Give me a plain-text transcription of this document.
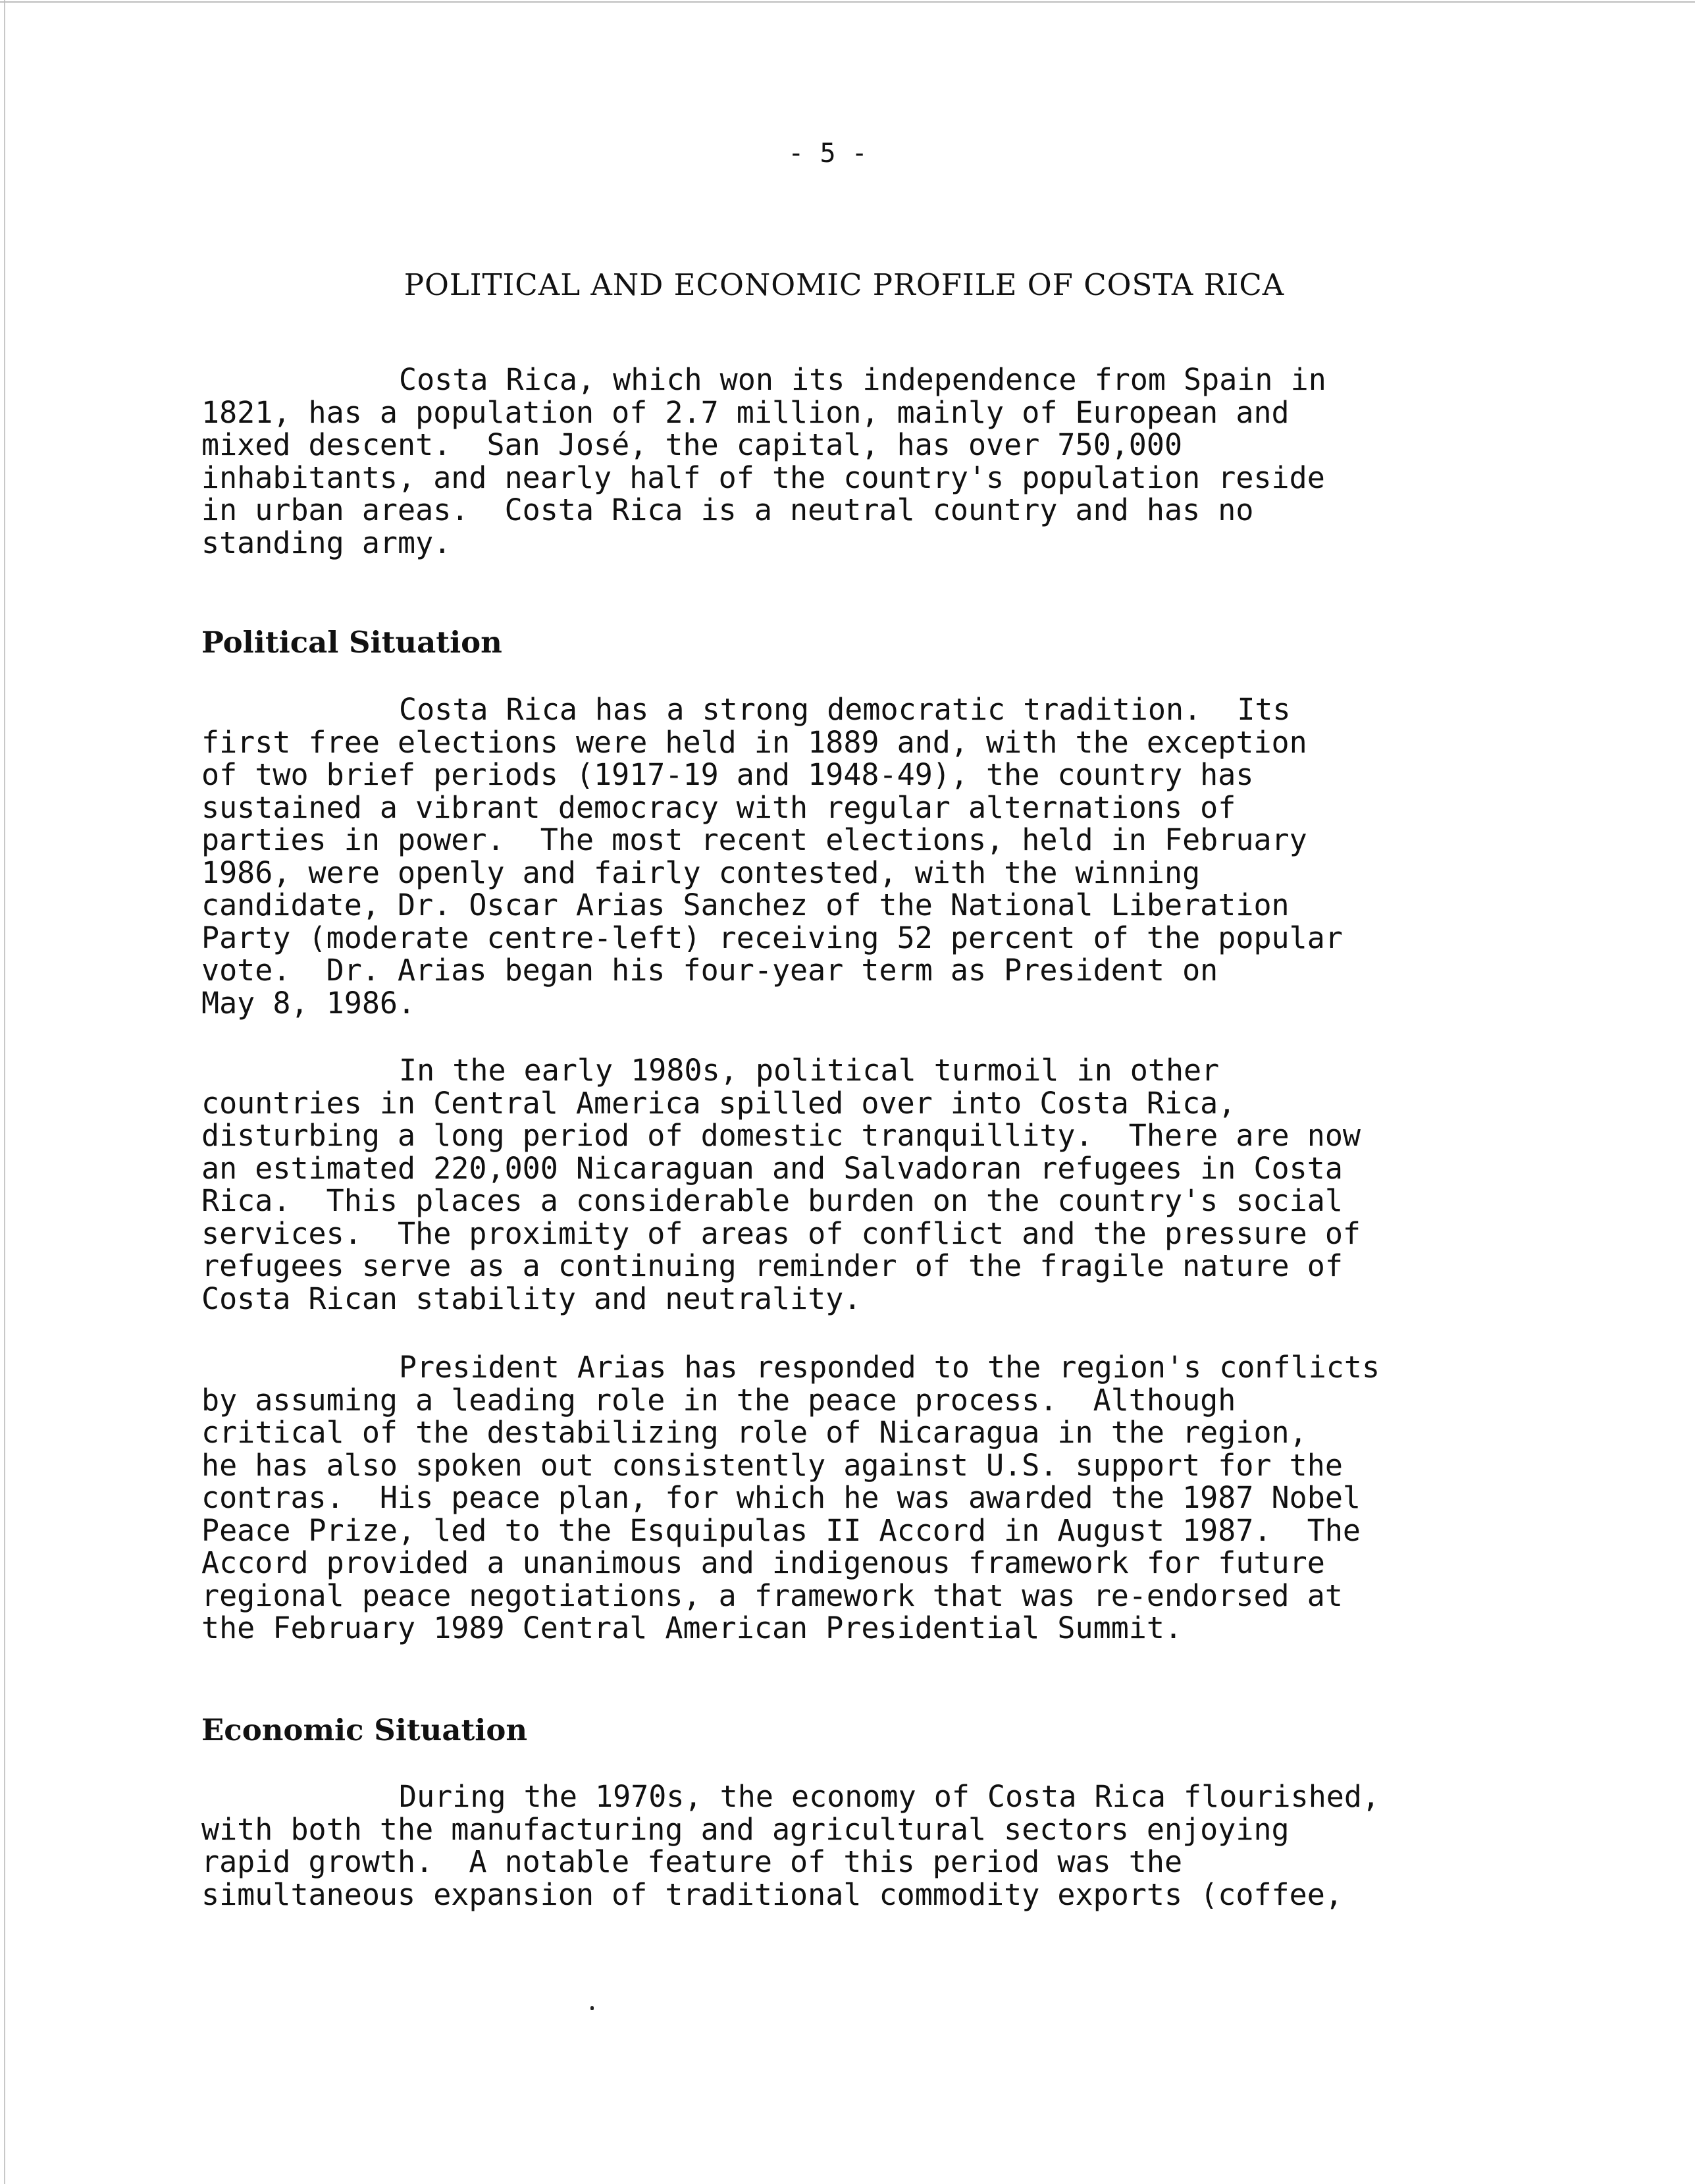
- 5 -
POLITICAL AND ECONOMIC PROFILE OF COSTA RICA
Costa Rica, which won its independence from Spain in
1821, has a population of 2.7 million, mainly of European and
mixed descent.  San José, the capital, has over 750,000
inhabitants, and nearly half of the country's population reside
in urban areas.  Costa Rica is a neutral country and has no
standing army.
Political Situation
Costa Rica has a strong democratic tradition.  Its
first free elections were held in 1889 and, with the exception
of two brief periods (1917-19 and 1948-49), the country has
sustained a vibrant democracy with regular alternations of
parties in power.  The most recent elections, held in February
1986, were openly and fairly contested, with the winning
candidate, Dr. Oscar Arias Sanchez of the National Liberation
Party (moderate centre-left) receiving 52 percent of the popular
vote.  Dr. Arias began his four-year term as President on
May 8, 1986.
In the early 1980s, political turmoil in other
countries in Central America spilled over into Costa Rica,
disturbing a long period of domestic tranquillity.  There are now
an estimated 220,000 Nicaraguan and Salvadoran refugees in Costa
Rica.  This places a considerable burden on the country's social
services.  The proximity of areas of conflict and the pressure of
refugees serve as a continuing reminder of the fragile nature of
Costa Rican stability and neutrality.
President Arias has responded to the region's conflicts
by assuming a leading role in the peace process.  Although
critical of the destabilizing role of Nicaragua in the region,
he has also spoken out consistently against U.S. support for the
contras.  His peace plan, for which he was awarded the 1987 Nobel
Peace Prize, led to the Esquipulas II Accord in August 1987.  The
Accord provided a unanimous and indigenous framework for future
regional peace negotiations, a framework that was re-endorsed at
the February 1989 Central American Presidential Summit.
Economic Situation
During the 1970s, the economy of Costa Rica flourished,
with both the manufacturing and agricultural sectors enjoying
rapid growth.  A notable feature of this period was the
simultaneous expansion of traditional commodity exports (coffee,
